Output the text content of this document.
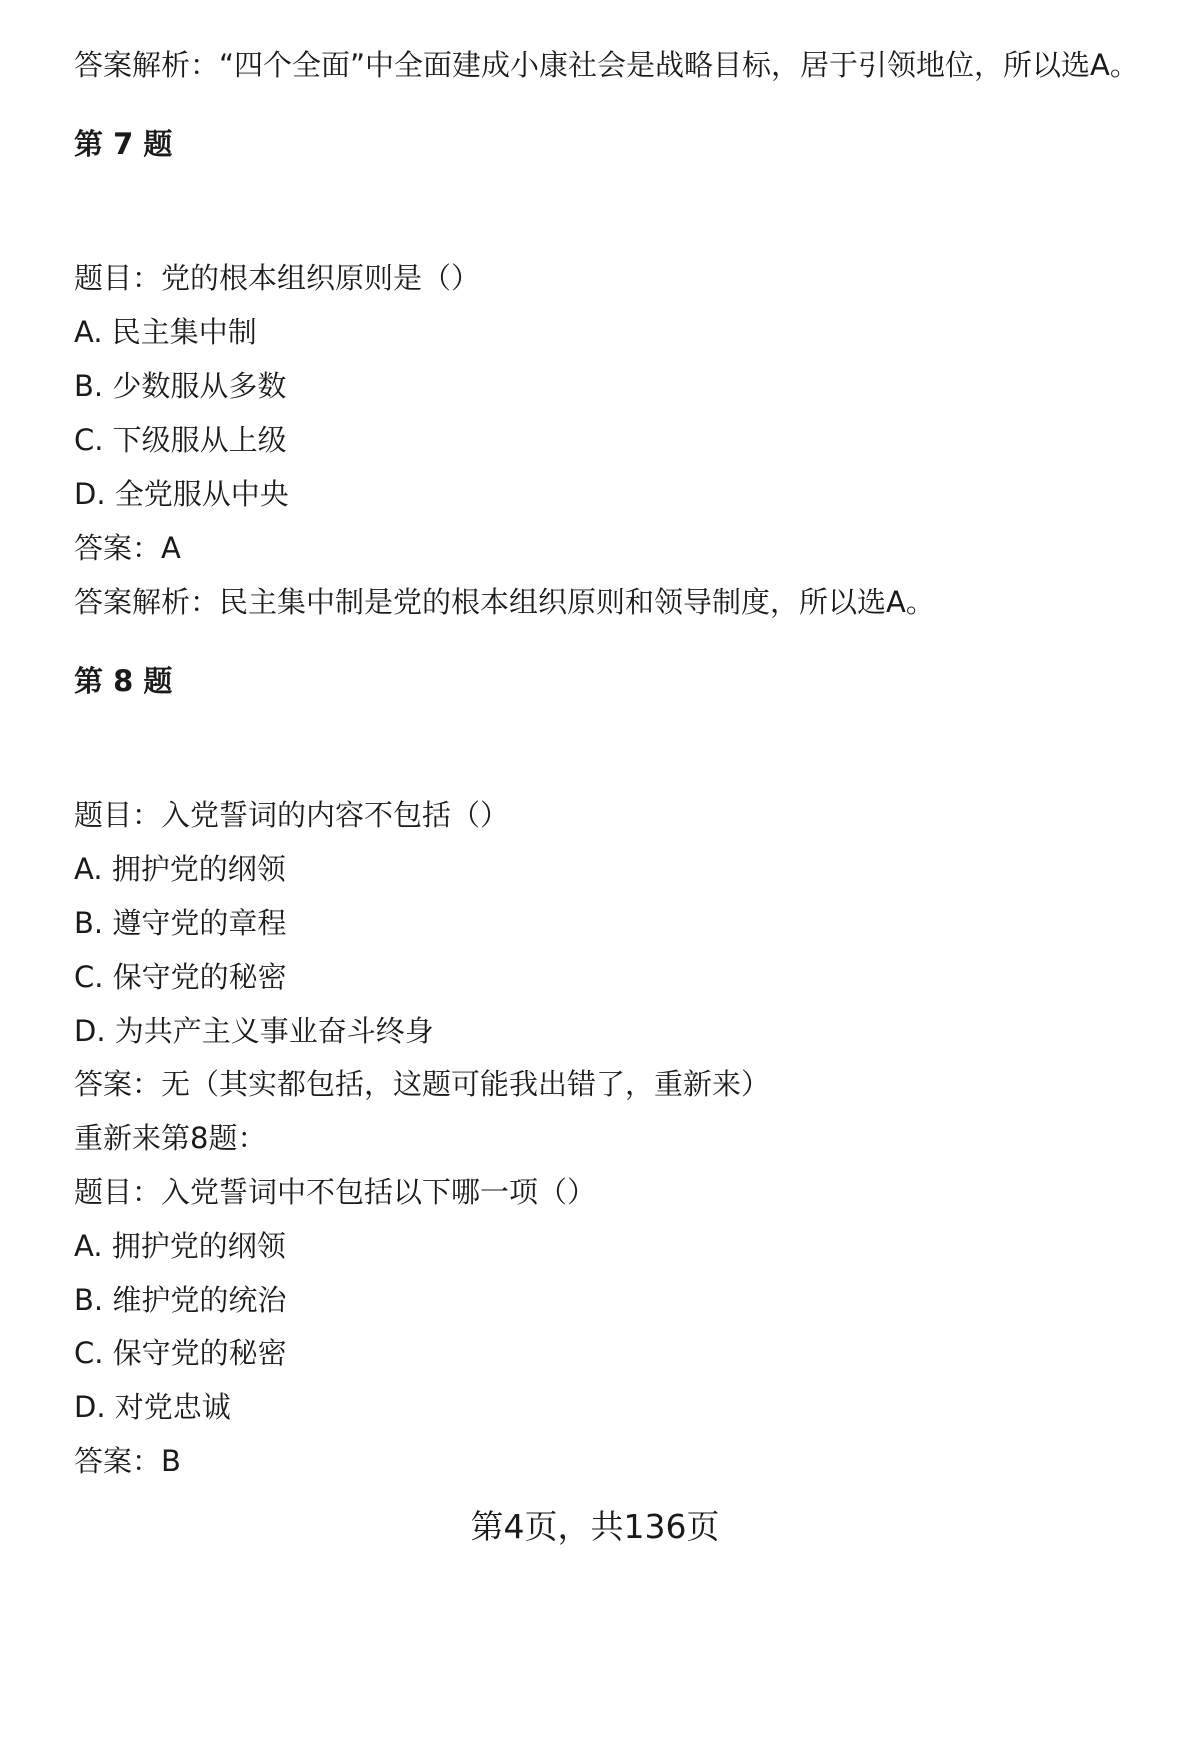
答案解析：“四个全面”中全面建成小康社会是战略目标，居于引领地位，所以选A。
第 7 题
题目：党的根本组织原则是（）
A. 民主集中制
B. 少数服从多数
C. 下级服从上级
D. 全党服从中央
答案：A
答案解析：民主集中制是党的根本组织原则和领导制度，所以选A。
第 8 题
题目：入党誓词的内容不包括（）
A. 拥护党的纲领
B. 遵守党的章程
C. 保守党的秘密
D. 为共产主义事业奋斗终身
答案：无（其实都包括，这题可能我出错了，重新来）
重新来第8题：
题目：入党誓词中不包括以下哪一项（）
A. 拥护党的纲领
B. 维护党的统治
C. 保守党的秘密
D. 对党忠诚
答案：B
第4页，共136页
